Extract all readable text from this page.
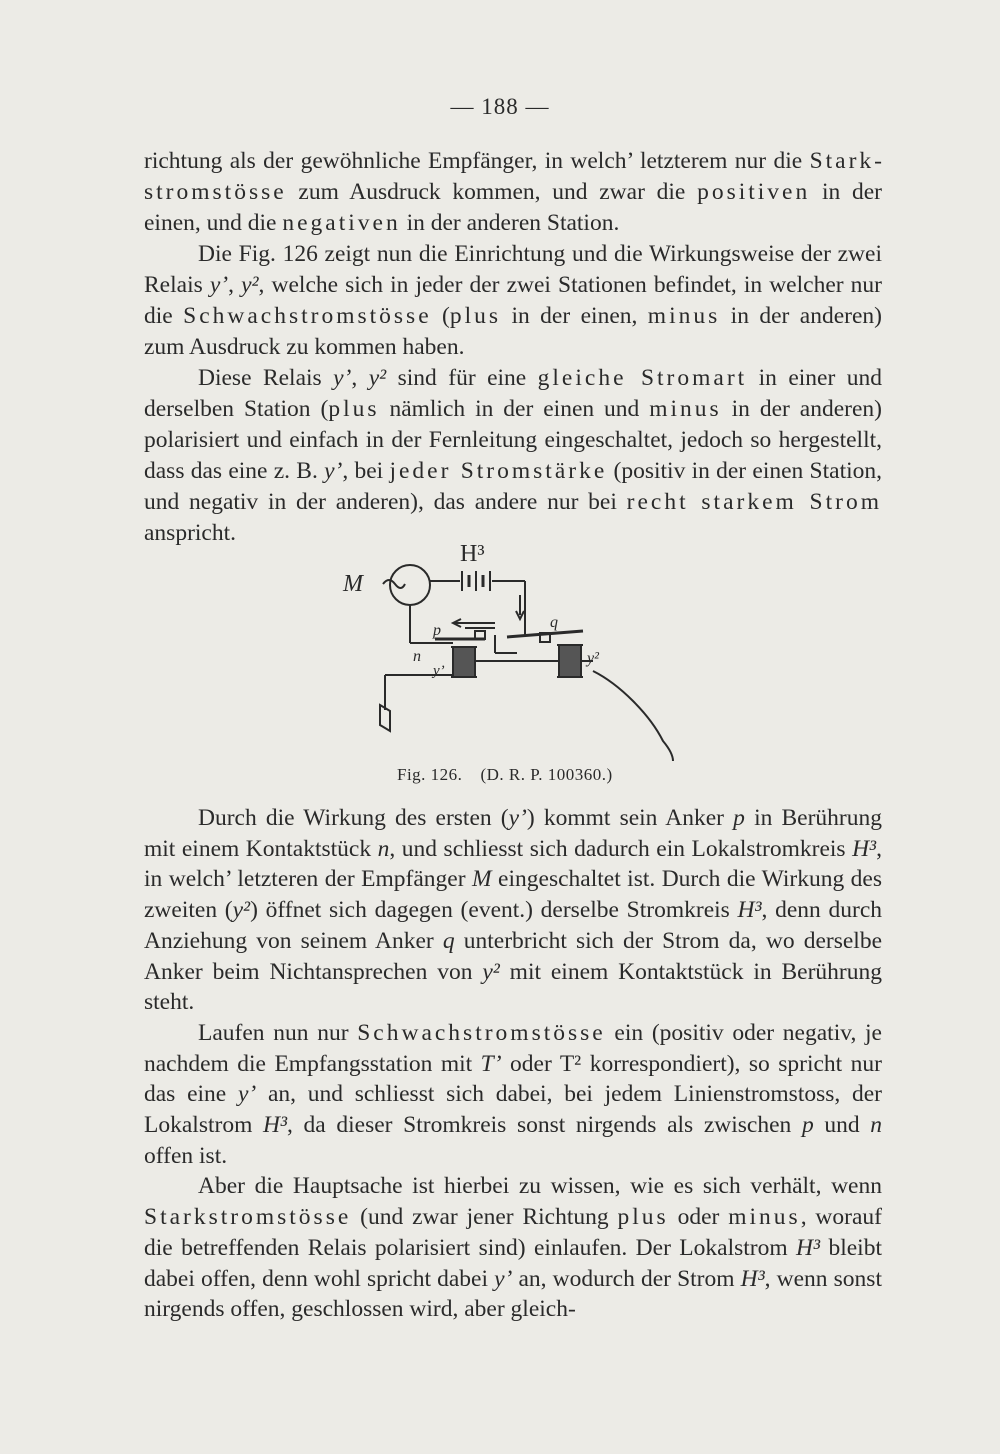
— 188 —

richtung als der gewöhnliche Empfänger, in welch’ letzterem nur die Starkstromstösse zum Ausdruck kommen, und zwar die positiven in der einen, und die negativen in der anderen Station.

Die Fig. 126 zeigt nun die Einrichtung und die Wirkungsweise der zwei Relais y’, y², welche sich in jeder der zwei Stationen befindet, in welcher nur die Schwachstromstösse (plus in der einen, minus in der anderen) zum Ausdruck zu kommen haben.

Diese Relais y’, y² sind für eine gleiche Stromart in einer und derselben Station (plus nämlich in der einen und minus in der anderen) polarisiert und einfach in der Fernleitung eingeschaltet, jedoch so hergestellt, dass das eine z. B. y’, bei jeder Stromstärke (positiv in der einen Station, und negativ in der anderen), das andere nur bei recht starkem Strom anspricht.

H³
M
p	q
n
y’
y²
Fig. 126. (D. R. P. 100360.)

Durch die Wirkung des ersten (y’) kommt sein Anker p in Berührung mit einem Kontaktstück n, und schliesst sich dadurch ein Lokalstromkreis H³, in welch’ letzteren der Empfänger M eingeschaltet ist. Durch die Wirkung des zweiten (y²) öffnet sich dagegen (event.) derselbe Stromkreis H³, denn durch Anziehung von seinem Anker q unterbricht sich der Strom da, wo derselbe Anker beim Nichtansprechen von y² mit einem Kontaktstück in Berührung steht.

Laufen nun nur Schwachstromstösse ein (positiv oder negativ, je nachdem die Empfangsstation mit T’ oder T² korrespondiert), so spricht nur das eine y’ an, und schliesst sich dabei, bei jedem Linienstromstoss, der Lokalstrom H³, da dieser Stromkreis sonst nirgends als zwischen p und n offen ist.

Aber die Hauptsache ist hierbei zu wissen, wie es sich verhält, wenn Starkstromstösse (und zwar jener Richtung plus oder minus, worauf die betreffenden Relais polarisiert sind) einlaufen. Der Lokalstrom H³ bleibt dabei offen, denn wohl spricht dabei y’ an, wodurch der Strom H³, wenn sonst nirgends offen, geschlossen wird, aber gleich-
